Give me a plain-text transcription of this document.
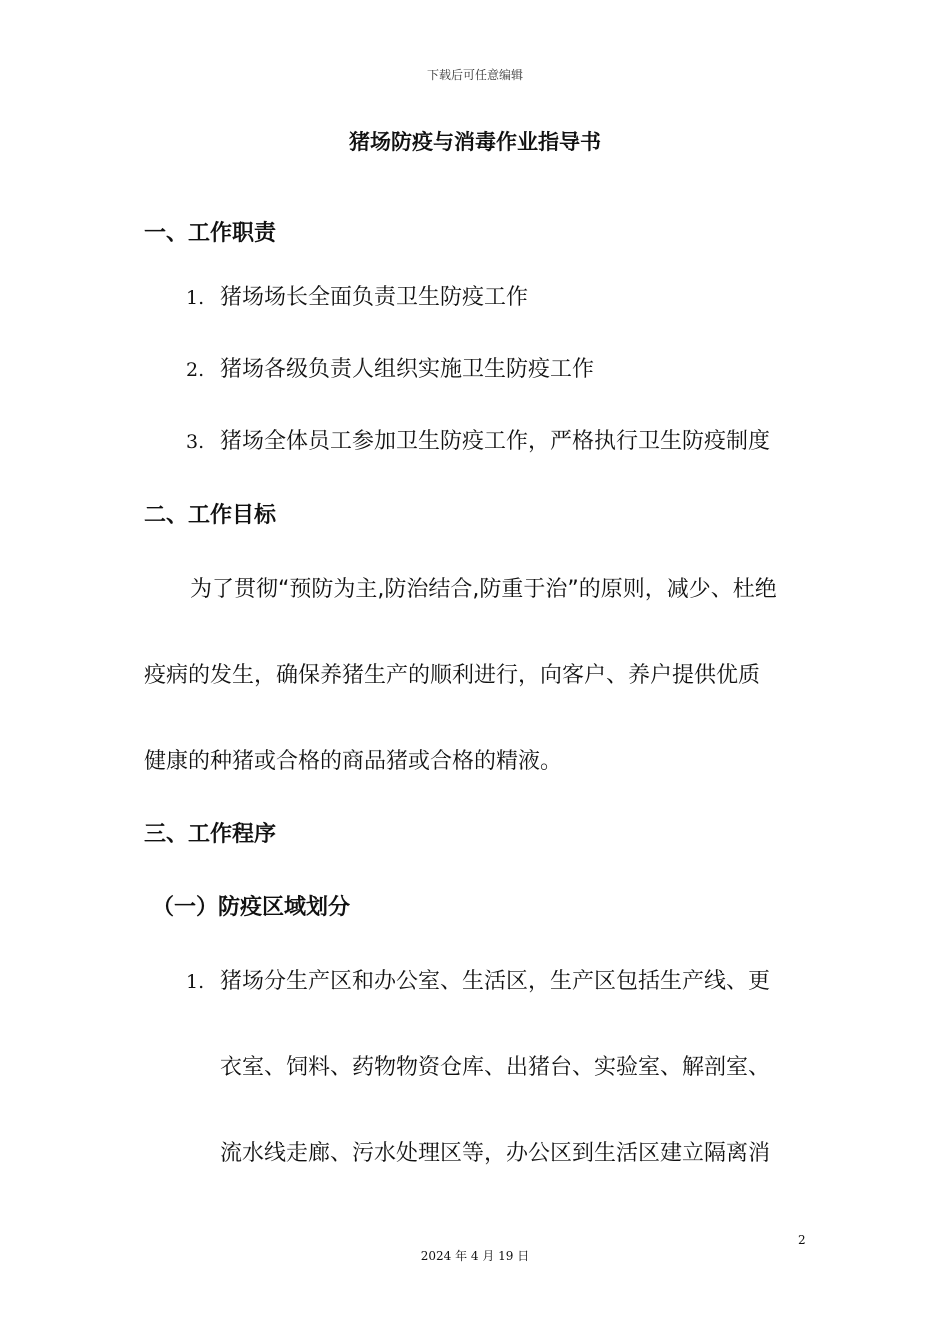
下载后可任意编辑
猪场防疫与消毒作业指导书
一、工作职责
1. 猪场场长全面负责卫生防疫工作
2. 猪场各级负责人组织实施卫生防疫工作
3. 猪场全体员工参加卫生防疫工作，严格执行卫生防疫制度
二、工作目标
为了贯彻“预防为主,防治结合,防重于治”的原则，减少、杜绝
疫病的发生，确保养猪生产的顺利进行，向客户、养户提供优质
健康的种猪或合格的商品猪或合格的精液。
三、工作程序
（一）防疫区域划分
1. 猪场分生产区和办公室、生活区，生产区包括生产线、更
衣室、饲料、药物物资仓库、出猪台、实验室、解剖室、
流水线走廊、污水处理区等，办公区到生活区建立隔离消
2
2024 年 4 月 19 日
